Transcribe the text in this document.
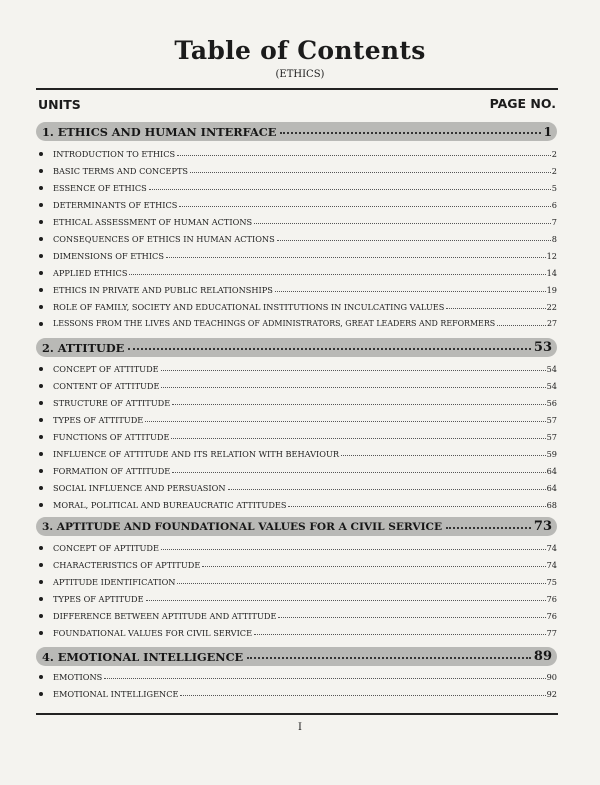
Table of Contents
(ETHICS)
UNITS	PAGE NO.
1. ETHICS AND HUMAN INTERFACE	1
INTRODUCTION TO ETHICS	2
BASIC TERMS AND CONCEPTS	2
ESSENCE OF ETHICS	5
DETERMINANTS OF ETHICS	6
ETHICAL ASSESSMENT OF HUMAN ACTIONS	7
CONSEQUENCES OF ETHICS IN HUMAN ACTIONS	8
DIMENSIONS OF ETHICS	12
APPLIED ETHICS	14
ETHICS IN PRIVATE AND PUBLIC RELATIONSHIPS	19
ROLE OF FAMILY, SOCIETY AND EDUCATIONAL INSTITUTIONS IN INCULCATING VALUES	22
LESSONS FROM THE LIVES AND TEACHINGS OF ADMINISTRATORS, GREAT LEADERS AND REFORMERS	27
2. ATTITUDE	53
CONCEPT OF ATTITUDE	54
CONTENT OF ATTITUDE	54
STRUCTURE OF ATTITUDE	56
TYPES OF ATTITUDE	57
FUNCTIONS OF ATTITUDE	57
INFLUENCE OF ATTITUDE AND ITS RELATION WITH BEHAVIOUR	59
FORMATION OF ATTITUDE	64
SOCIAL INFLUENCE AND PERSUASION	64
MORAL, POLITICAL AND BUREAUCRATIC ATTITUDES	68
3. APTITUDE AND FOUNDATIONAL VALUES FOR A CIVIL SERVICE	73
CONCEPT OF APTITUDE	74
CHARACTERISTICS OF APTITUDE	74
APTITUDE IDENTIFICATION	75
TYPES OF APTITUDE	76
DIFFERENCE BETWEEN APTITUDE AND ATTITUDE	76
FOUNDATIONAL VALUES FOR CIVIL SERVICE	77
4. EMOTIONAL INTELLIGENCE	89
EMOTIONS	90
EMOTIONAL INTELLIGENCE	92
I
